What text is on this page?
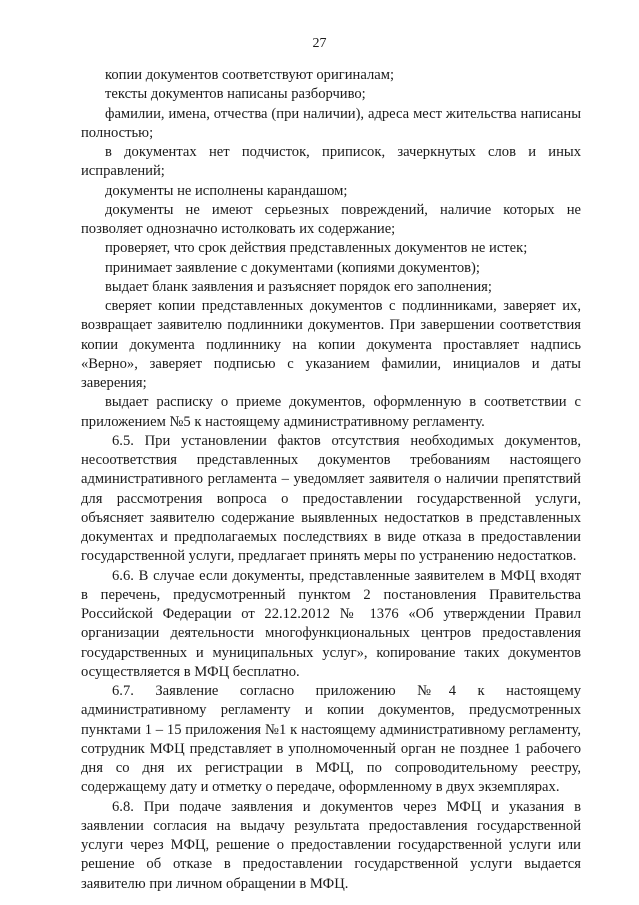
27

копии документов соответствуют оригиналам;

тексты документов написаны разборчиво;

фамилии, имена, отчества (при наличии), адреса мест жительства написаны полностью;

в документах нет подчисток, приписок, зачеркнутых слов и иных исправлений;

документы не исполнены карандашом;

документы не имеют серьезных повреждений, наличие которых не позволяет однозначно истолковать их содержание;

проверяет, что срок действия представленных документов не истек;

принимает заявление с документами (копиями документов);

выдает бланк заявления и разъясняет порядок его заполнения;

сверяет копии представленных документов с подлинниками, заверяет их, возвращает заявителю подлинники документов. При завершении соответствия копии документа подлиннику на копии документа проставляет надпись «Верно», заверяет подписью с указанием фамилии, инициалов и даты заверения;

выдает расписку о приеме документов, оформленную в соответствии с приложением №5 к настоящему административному регламенту.

6.5. При установлении фактов отсутствия необходимых документов, несоответствия представленных документов требованиям настоящего административного регламента – уведомляет заявителя о наличии препятствий для рассмотрения вопроса о предоставлении государственной услуги, объясняет заявителю содержание выявленных недостатков в представленных документах и предполагаемых последствиях в виде отказа в предоставлении государственной услуги, предлагает принять меры по устранению недостатков.

6.6. В случае если документы, представленные заявителем в МФЦ входят в перечень, предусмотренный пунктом 2 постановления Правительства Российской Федерации от 22.12.2012 № 1376 «Об утверждении Правил организации деятельности многофункциональных центров предоставления государственных и муниципальных услуг», копирование таких документов осуществляется в МФЦ бесплатно.

6.7. Заявление согласно приложению №4 к настоящему административному регламенту и копии документов, предусмотренных пунктами 1 – 15 приложения №1 к настоящему административному регламенту, сотрудник МФЦ представляет в уполномоченный орган не позднее 1 рабочего дня со дня их регистрации в МФЦ, по сопроводительному реестру, содержащему дату и отметку о передаче, оформленному в двух экземплярах.

6.8. При подаче заявления и документов через МФЦ и указания в заявлении согласия на выдачу результата предоставления государственной услуги через МФЦ, решение о предоставлении государственной услуги или решение об отказе в предоставлении государственной услуги выдается заявителю при личном обращении в МФЦ.
